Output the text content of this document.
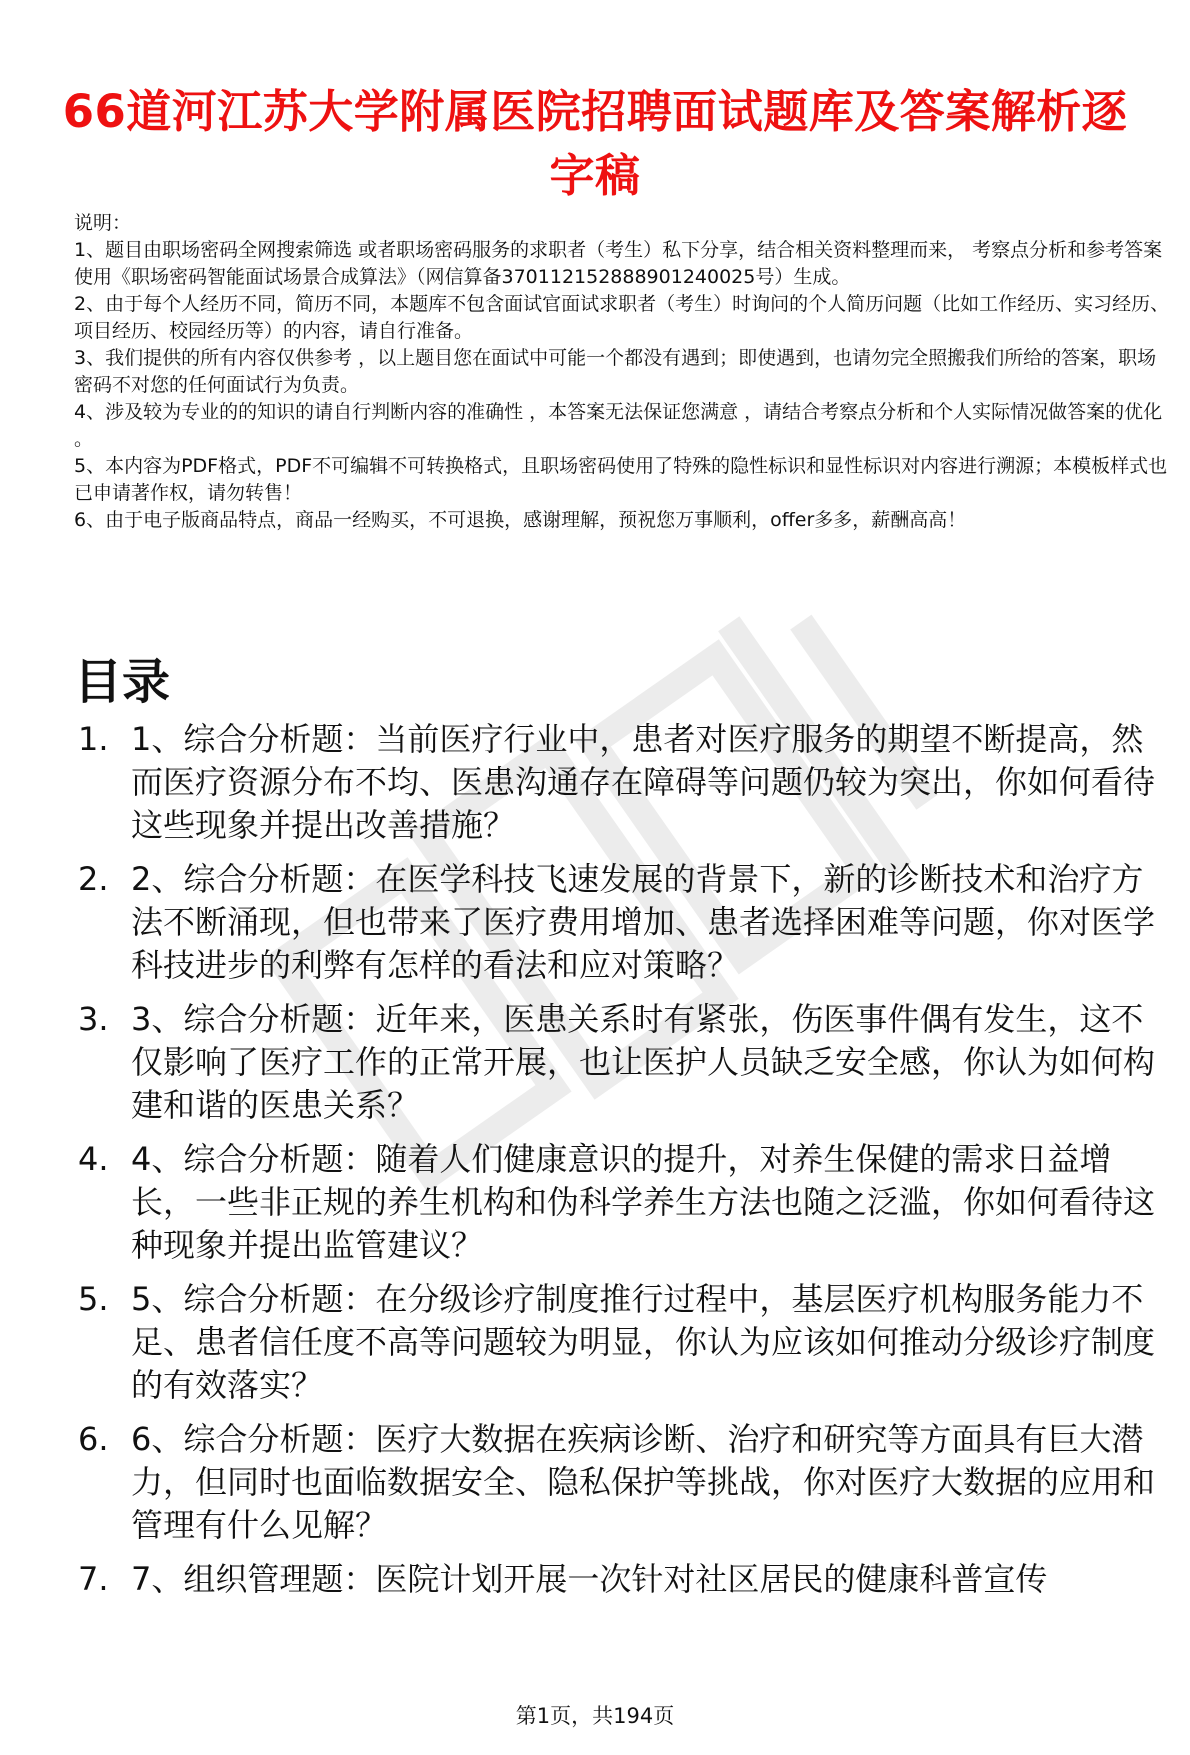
66道河江苏大学附属医院招聘面试题库及答案解析逐字稿

说明：

1、题目由职场密码全网搜索筛选 或者职场密码服务的求职者（考生）私下分享，结合相关资料整理而来， 考察点分析和参考答案使用《职场密码智能面试场景合成算法》（网信算备370112152888901240025号）生成。

2、由于每个人经历不同，简历不同，本题库不包含面试官面试求职者（考生）时询问的个人简历问题（比如工作经历、实习经历、项目经历、校园经历等）的内容，请自行准备。

3、我们提供的所有内容仅供参考 ，以上题目您在面试中可能一个都没有遇到；即使遇到，也请勿完全照搬我们所给的答案，职场密码不对您的任何面试行为负责。

4、涉及较为专业的的知识的请自行判断内容的准确性 ，本答案无法保证您满意 ，请结合考察点分析和个人实际情况做答案的优化 。

5、本内容为PDF格式，PDF不可编辑不可转换格式，且职场密码使用了特殊的隐性标识和显性标识对内容进行溯源；本模板样式也已申请著作权，请勿转售！

6、由于电子版商品特点，商品一经购买，不可退换，感谢理解，预祝您万事顺利，offer多多，薪酬高高！

目录
1. 1、综合分析题：当前医疗行业中，患者对医疗服务的期望不断提高，然而医疗资源分布不均、医患沟通存在障碍等问题仍较为突出，你如何看待这些现象并提出改善措施？
2. 2、综合分析题：在医学科技飞速发展的背景下，新的诊断技术和治疗方法不断涌现，但也带来了医疗费用增加、患者选择困难等问题，你对医学科技进步的利弊有怎样的看法和应对策略？
3. 3、综合分析题：近年来，医患关系时有紧张，伤医事件偶有发生，这不仅影响了医疗工作的正常开展，也让医护人员缺乏安全感，你认为如何构建和谐的医患关系？
4. 4、综合分析题：随着人们健康意识的提升，对养生保健的需求日益增长，一些非正规的养生机构和伪科学养生方法也随之泛滥，你如何看待这种现象并提出监管建议？
5. 5、综合分析题：在分级诊疗制度推行过程中，基层医疗机构服务能力不足、患者信任度不高等问题较为明显，你认为应该如何推动分级诊疗制度的有效落实？
6. 6、综合分析题：医疗大数据在疾病诊断、治疗和研究等方面具有巨大潜力，但同时也面临数据安全、隐私保护等挑战，你对医疗大数据的应用和管理有什么见解？
7. 7、组织管理题：医院计划开展一次针对社区居民的健康科普宣传
第1页，共194页
